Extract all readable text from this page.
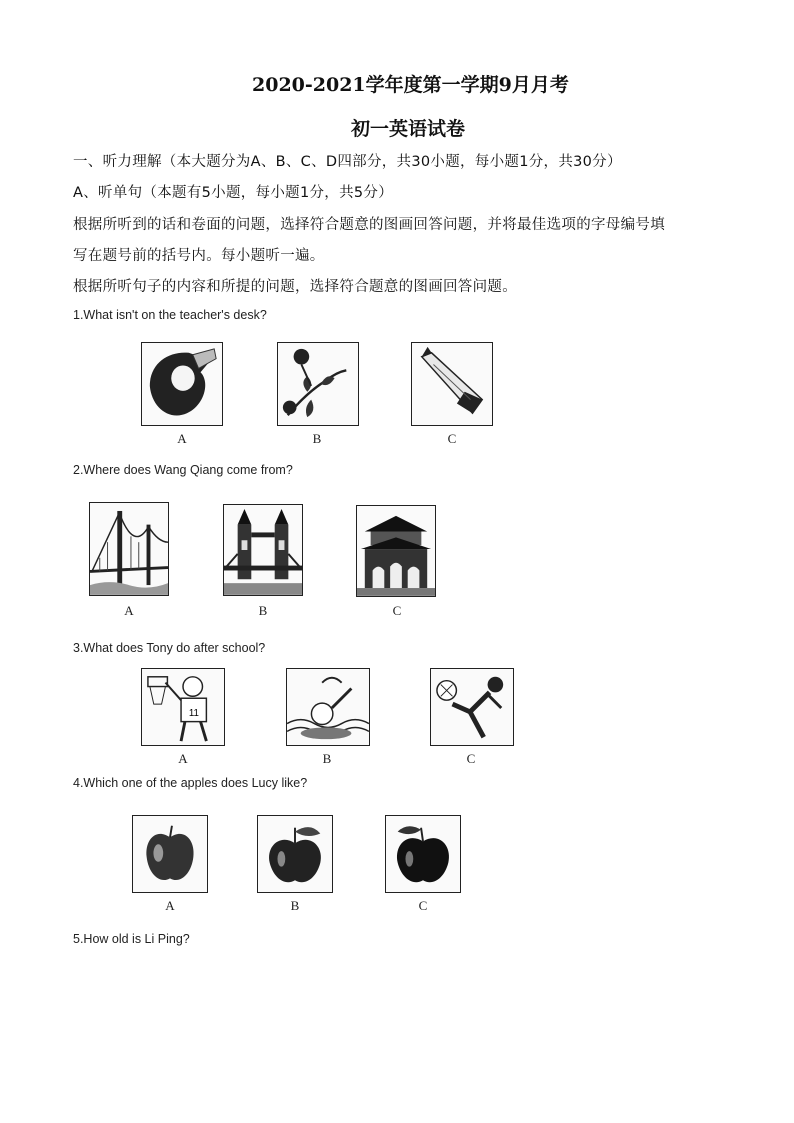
2020-2021学年度第一学期9月月考
初一英语试卷
一、听力理解（本大题分为A、B、C、D四部分，共30小题，每小题1分，共30分）
A、听单句（本题有5小题，每小题1分，共5分）
根据所听到的话和卷面的问题，选择符合题意的图画回答问题，并将最佳选项的字母编号填
写在题号前的括号内。每小题听一遍。
根据所听句子的内容和所提的问题，选择符合题意的图画回答问题。
1.What isn't on the teacher's desk?
A	B	C
2.Where does Wang Qiang come from?
A	B	C
3.What does Tony do after school?
11
A	B	C
4.Which one of the apples does Lucy like?
A	B	C
5.How old is Li Ping?
